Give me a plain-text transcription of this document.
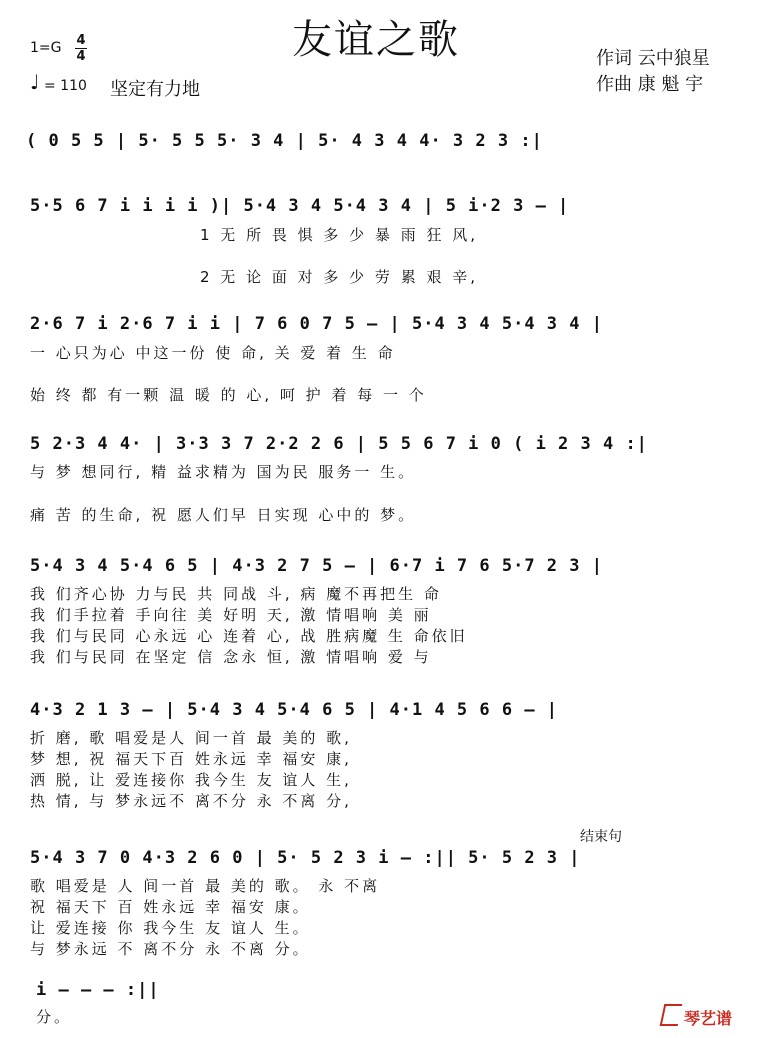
友谊之歌
1=G 4
4
♩ = 110 坚定有力地
作词 云中狼星
作曲 康 魁 宇
( 0 5 5 | 5· 5 5 5· 3 4 | 5· 4 3 4 4· 3 2 3 :|
5·5 6 7 i i i i )| 5·4 3 4 5·4 3 4 | 5 i·2 3 — |
1 无 所 畏 惧 多 少 暴 雨 狂 风,
2 无 论 面 对 多 少 劳 累 艰 辛,
2·6 7 i 2·6 7 i i | 7 6 0 7 5 — | 5·4 3 4 5·4 3 4 |
一 心只为心 中这一份 使 命, 关 爱 着 生 命
始 终 都 有一颗 温 暖 的 心, 呵 护 着 每 一 个
5 2·3 4 4· | 3·3 3 7 2·2 2 6 | 5 5 6 7 i 0 ( i 2 3 4 :|
与 梦 想同行, 精 益求精为 国为民 服务一 生。
痛 苦 的生命, 祝 愿人们早 日实现 心中的 梦。
5·4 3 4 5·4 6 5 | 4·3 2 7 5 — | 6·7 i 7 6 5·7 2 3 |
我 们齐心协 力与民 共 同战 斗, 病 魔不再把生 命
我 们手拉着 手向往 美 好明 天, 激 情唱响 美 丽
我 们与民同 心永远 心 连着 心, 战 胜病魔 生 命依旧
我 们与民同 在坚定 信 念永 恒, 激 情唱响 爱 与
4·3 2 1 3 — | 5·4 3 4 5·4 6 5 | 4·1 4 5 6 6 — |
折 磨, 歌 唱爱是人 间一首 最 美的 歌,
梦 想, 祝 福天下百 姓永远 幸 福安 康,
洒 脱, 让 爱连接你 我今生 友 谊人 生,
热 情, 与 梦永远不 离不分 永 不离 分,
结束句
5·4 3 7 0 4·3 2 6 0 | 5· 5 2 3 i — :|| 5· 5 2 3 |
歌 唱爱是 人 间一首 最 美的 歌。 永 不离
祝 福天下 百 姓永远 幸 福安 康。
让 爱连接 你 我今生 友 谊人 生。
与 梦永远 不 离不分 永 不离 分。
i — — — :||
分。	琴艺谱
